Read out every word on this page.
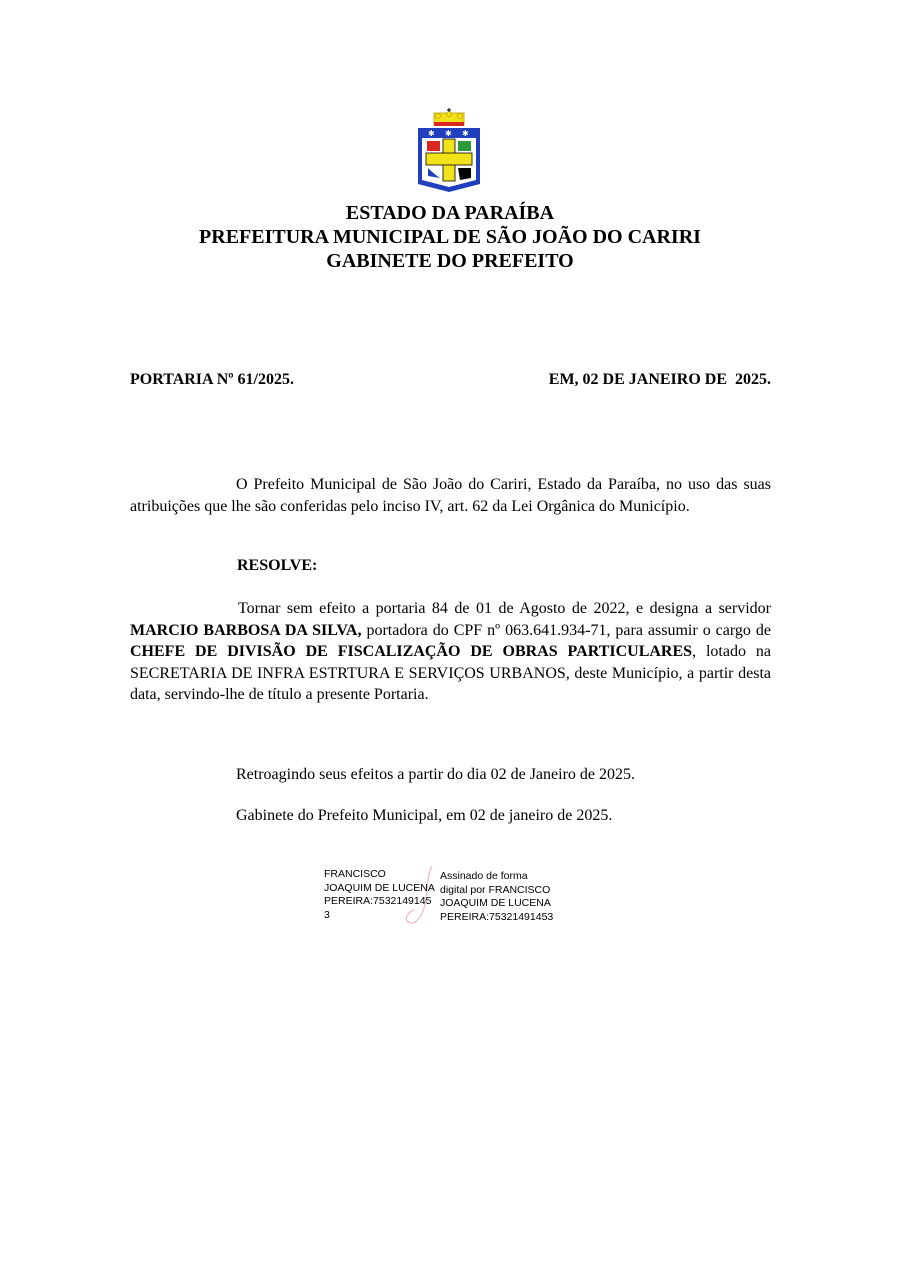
✱ ✱ ✱
ESTADO DA PARAÍBA
PREFEITURA MUNICIPAL DE SÃO JOÃO DO CARIRI
GABINETE DO PREFEITO
PORTARIA Nº 61/2025.	EM, 02 DE JANEIRO DE  2025.
O Prefeito Municipal de São João do Cariri, Estado da Paraíba, no uso das suas atribuições que lhe são conferidas pelo inciso IV, art. 62 da Lei Orgânica do Município.
RESOLVE:
Tornar sem efeito a portaria 84 de 01 de Agosto de 2022, e designa a servidor MARCIO BARBOSA DA SILVA, portadora do CPF nº 063.641.934-71, para assumir o cargo de CHEFE DE DIVISÃO DE FISCALIZAÇÃO DE OBRAS PARTICULARES, lotado na SECRETARIA DE INFRA ESTRTURA E SERVIÇOS URBANOS, deste Município, a partir desta data, servindo-lhe de título a presente Portaria.
Retroagindo seus efeitos a partir do dia 02 de Janeiro de 2025.
Gabinete do Prefeito Municipal, em 02 de janeiro de 2025.
FRANCISCO
JOAQUIM DE LUCENA
PEREIRA:7532149145
3
Assinado de forma
digital por FRANCISCO
JOAQUIM DE LUCENA
PEREIRA:75321491453
